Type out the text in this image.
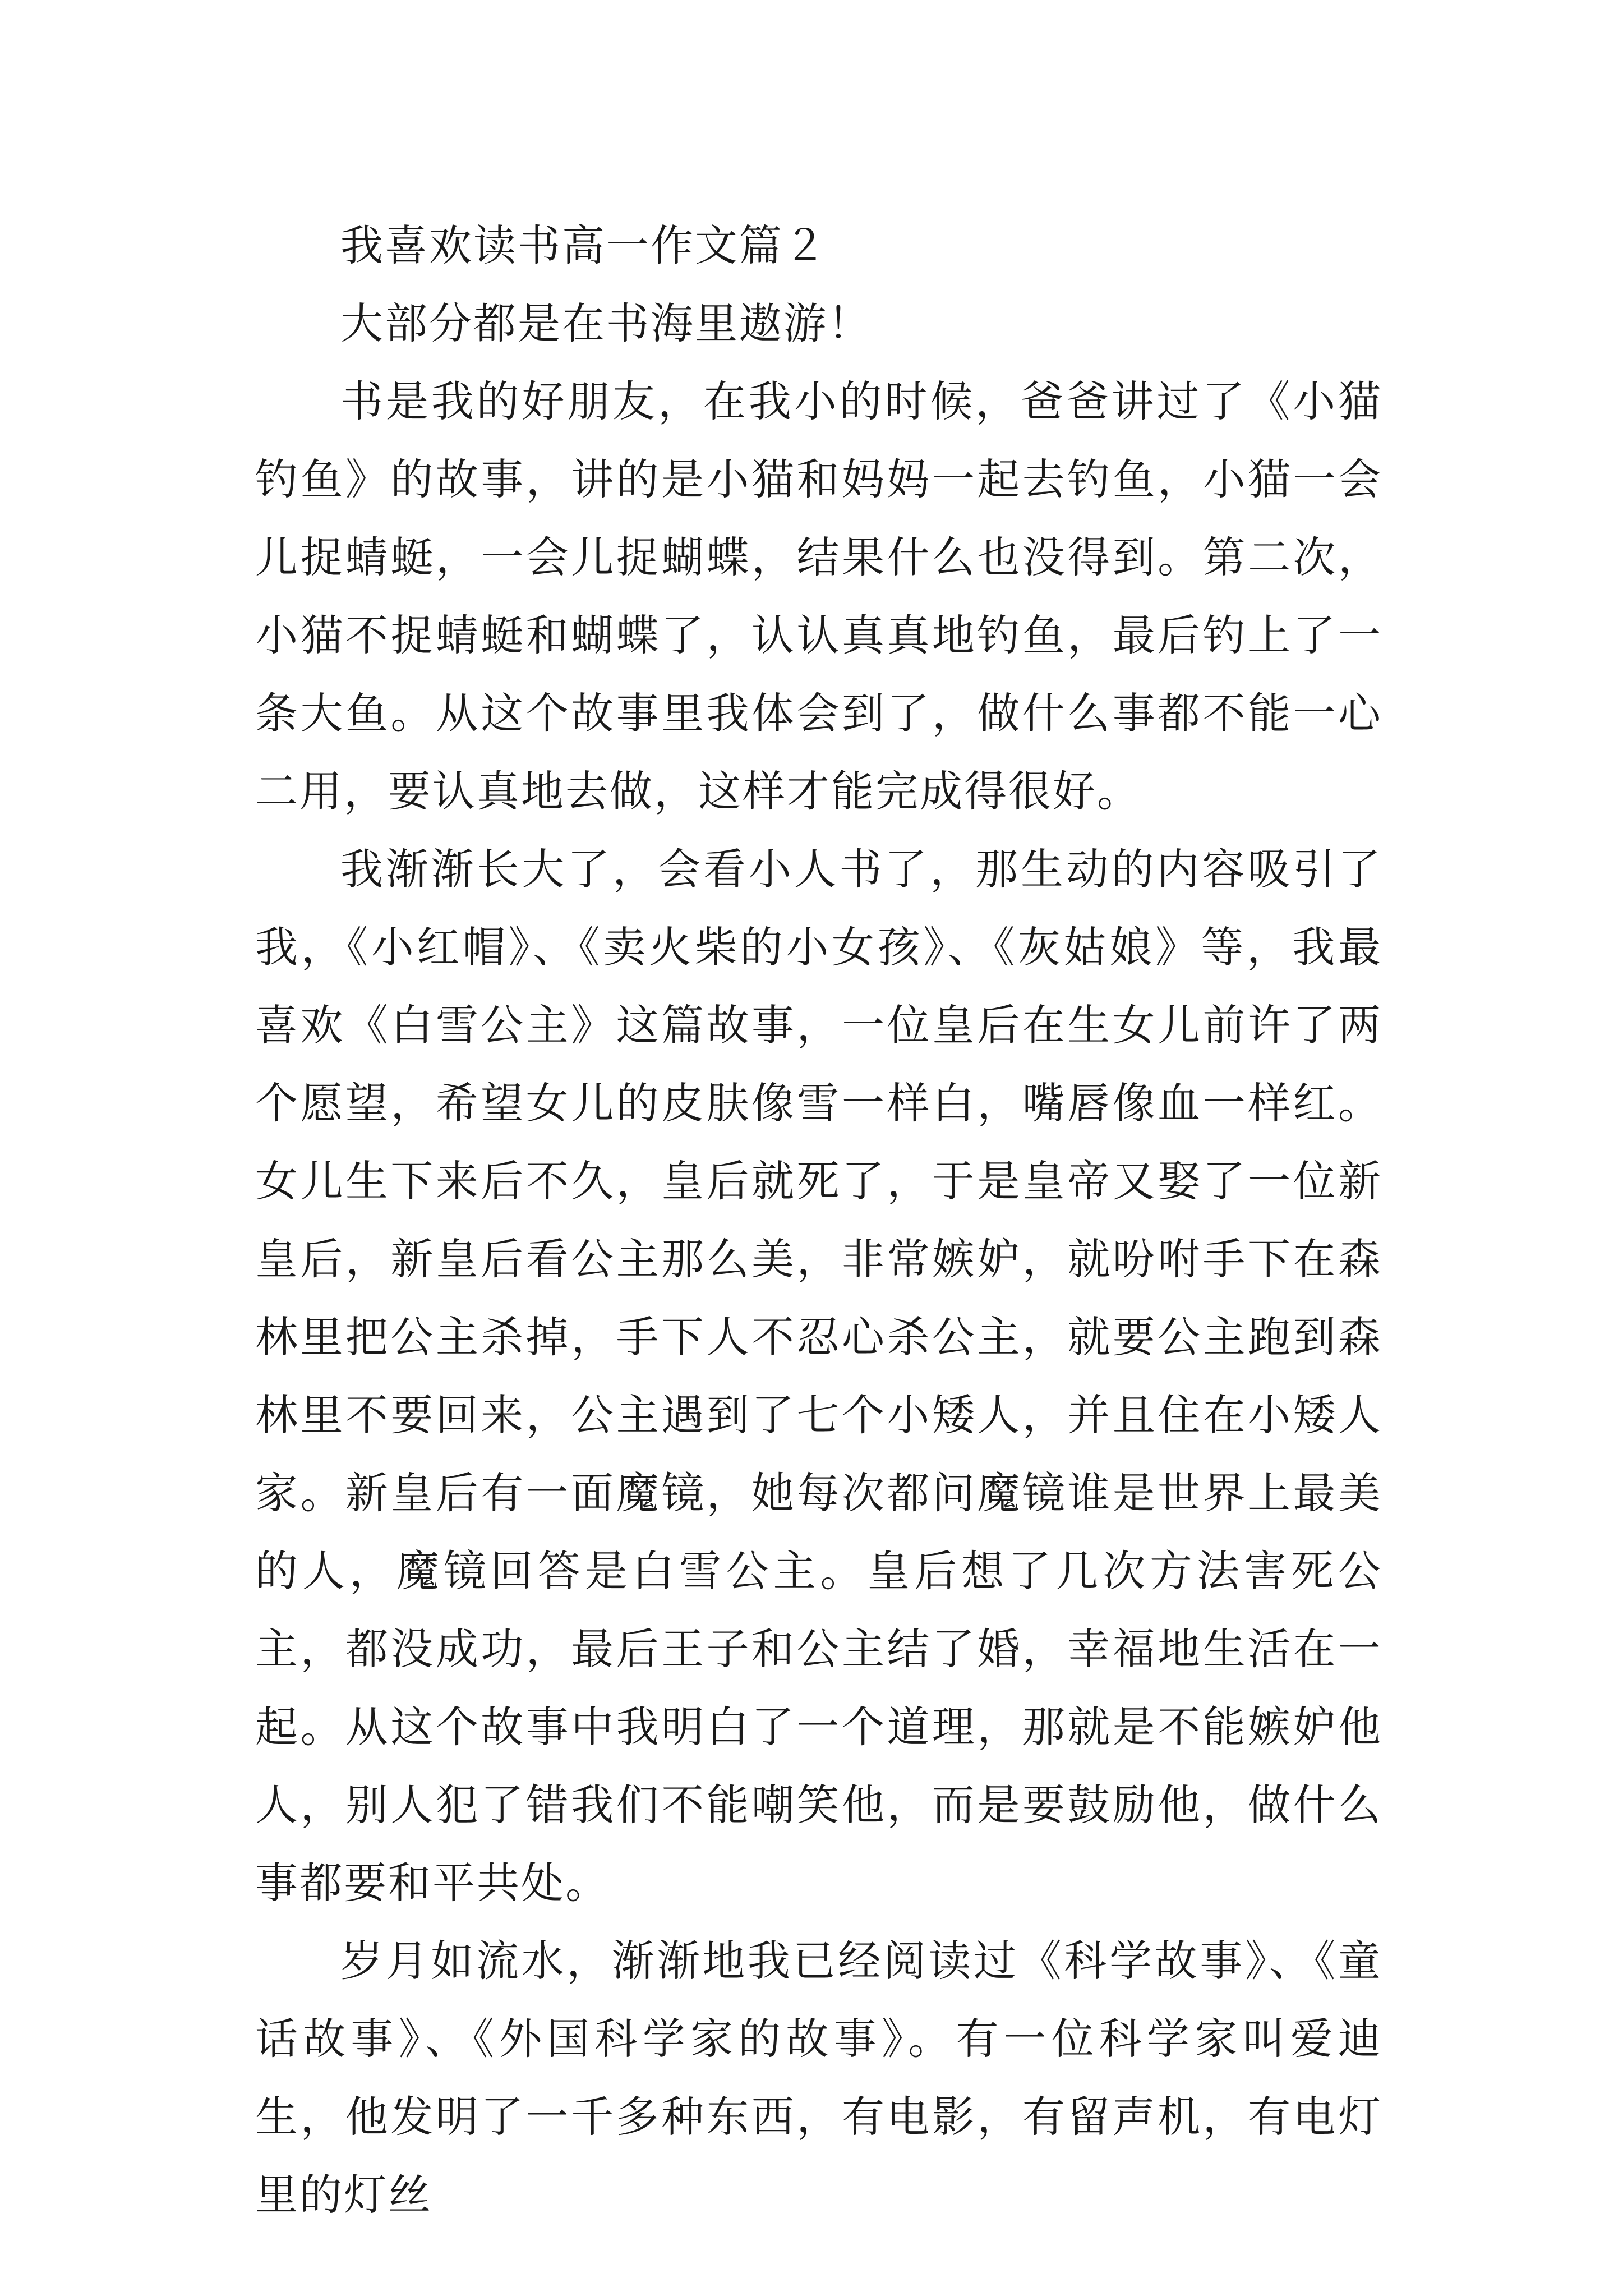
我喜欢读书高一作文篇２

大部分都是在书海里遨游！

书是我的好朋友，在我小的时候，爸爸讲过了《小猫钓鱼》的故事，讲的是小猫和妈妈一起去钓鱼，小猫一会儿捉蜻蜓，一会儿捉蝴蝶，结果什么也没得到。第二次，小猫不捉蜻蜓和蝴蝶了，认认真真地钓鱼，最后钓上了一条大鱼。从这个故事里我体会到了，做什么事都不能一心二用，要认真地去做，这样才能完成得很好。

我渐渐长大了，会看小人书了，那生动的内容吸引了我，《小红帽》、《卖火柴的小女孩》、《灰姑娘》等，我最喜欢《白雪公主》这篇故事，一位皇后在生女儿前许了两个愿望，希望女儿的皮肤像雪一样白，嘴唇像血一样红。女儿生下来后不久，皇后就死了，于是皇帝又娶了一位新皇后，新皇后看公主那么美，非常嫉妒，就吩咐手下在森林里把公主杀掉，手下人不忍心杀公主，就要公主跑到森林里不要回来，公主遇到了七个小矮人，并且住在小矮人家。新皇后有一面魔镜，她每次都问魔镜谁是世界上最美的人，魔镜回答是白雪公主。皇后想了几次方法害死公主，都没成功，最后王子和公主结了婚，幸福地生活在一起。从这个故事中我明白了一个道理，那就是不能嫉妒他人，别人犯了错我们不能嘲笑他，而是要鼓励他，做什么事都要和平共处。

岁月如流水，渐渐地我已经阅读过《科学故事》、《童话故事》、《外国科学家的故事》。有一位科学家叫爱迪生，他发明了一千多种东西，有电影，有留声机，有电灯里的灯丝
